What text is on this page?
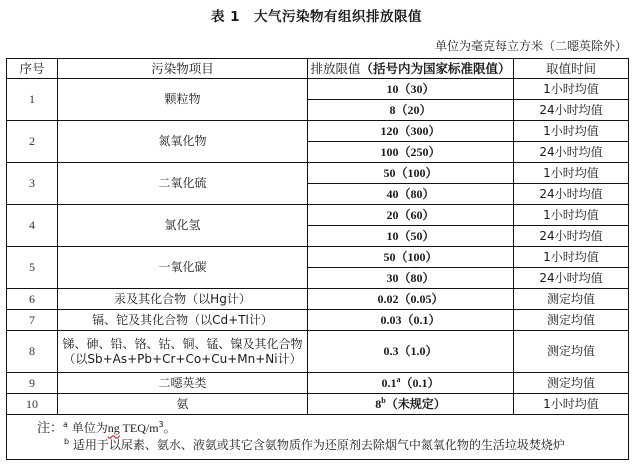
表 1 大气污染物有组织排放限值
单位为毫克每立方米（二噁英除外）
序号	污染物项目	排放限值（括号内为国家标准限值）	取值时间
1	颗粒物	10（30）	1小时均值
		8（20）	24小时均值
2	氮氧化物	120（300）	1小时均值
		100（250）	24小时均值
3	二氧化硫	50（100）	1小时均值
		40（80）	24小时均值
4	氯化氢	20（60）	1小时均值
		10（50）	24小时均值
5	一氧化碳	50（100）	1小时均值
		30（80）	24小时均值
6	汞及其化合物（以Hg计）	0.02（0.05）	测定均值
7	镉、铊及其化合物（以Cd+Tl计）	0.03（0.1）	测定均值
8	锑、砷、铅、铬、钴、铜、锰、镍及其化合物
（以Sb+As+Pb+Cr+Co+Cu+Mn+Ni计）	0.3（1.0）	测定均值
9	二噁英类	0.1$^a$（0.1）	测定均值
10	氨	8$^b$（未规定）	1小时均值

注：$^a$ 单位为ng TEQ/$m^3$。
$^b$ 适用于以尿素、氨水、液氨或其它含氨物质作为还原剂去除烟气中氮氧化物的生活垃圾焚烧炉			
